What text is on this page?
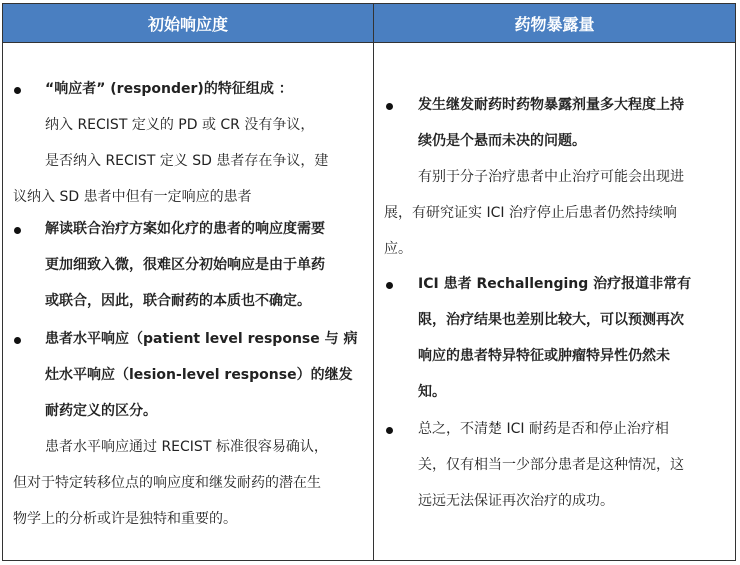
初始响应度	药物暴露量
“响应者” (responder)的特征组成 ：
纳入 RECIST 定义的 PD 或 CR 没有争议，
是否纳入 RECIST 定义 SD 患者存在争议，建
议纳入 SD 患者中但有一定响应的患者
解读联合治疗方案如化疗的患者的响应度需要
更加细致入微，很难区分初始响应是由于单药
或联合，因此，联合耐药的本质也不确定。
患者水平响应（patient level response 与 病
灶水平响应（lesion-level response）的继发
耐药定义的区分。
患者水平响应通过 RECIST 标准很容易确认，
但对于特定转移位点的响应度和继发耐药的潜在生
物学上的分析或许是独特和重要的。
发生继发耐药时药物暴露剂量多大程度上持
续仍是个悬而未决的问题。
有别于分子治疗患者中止治疗可能会出现进
展，有研究证实 ICI 治疗停止后患者仍然持续响
应。
ICI 患者 Rechallenging 治疗报道非常有
限，治疗结果也差别比较大，可以预测再次
响应的患者特异特征或肿瘤特异性仍然未
知。
总之，不清楚 ICI 耐药是否和停止治疗相
关，仅有相当一少部分患者是这种情况，这
远远无法保证再次治疗的成功。
